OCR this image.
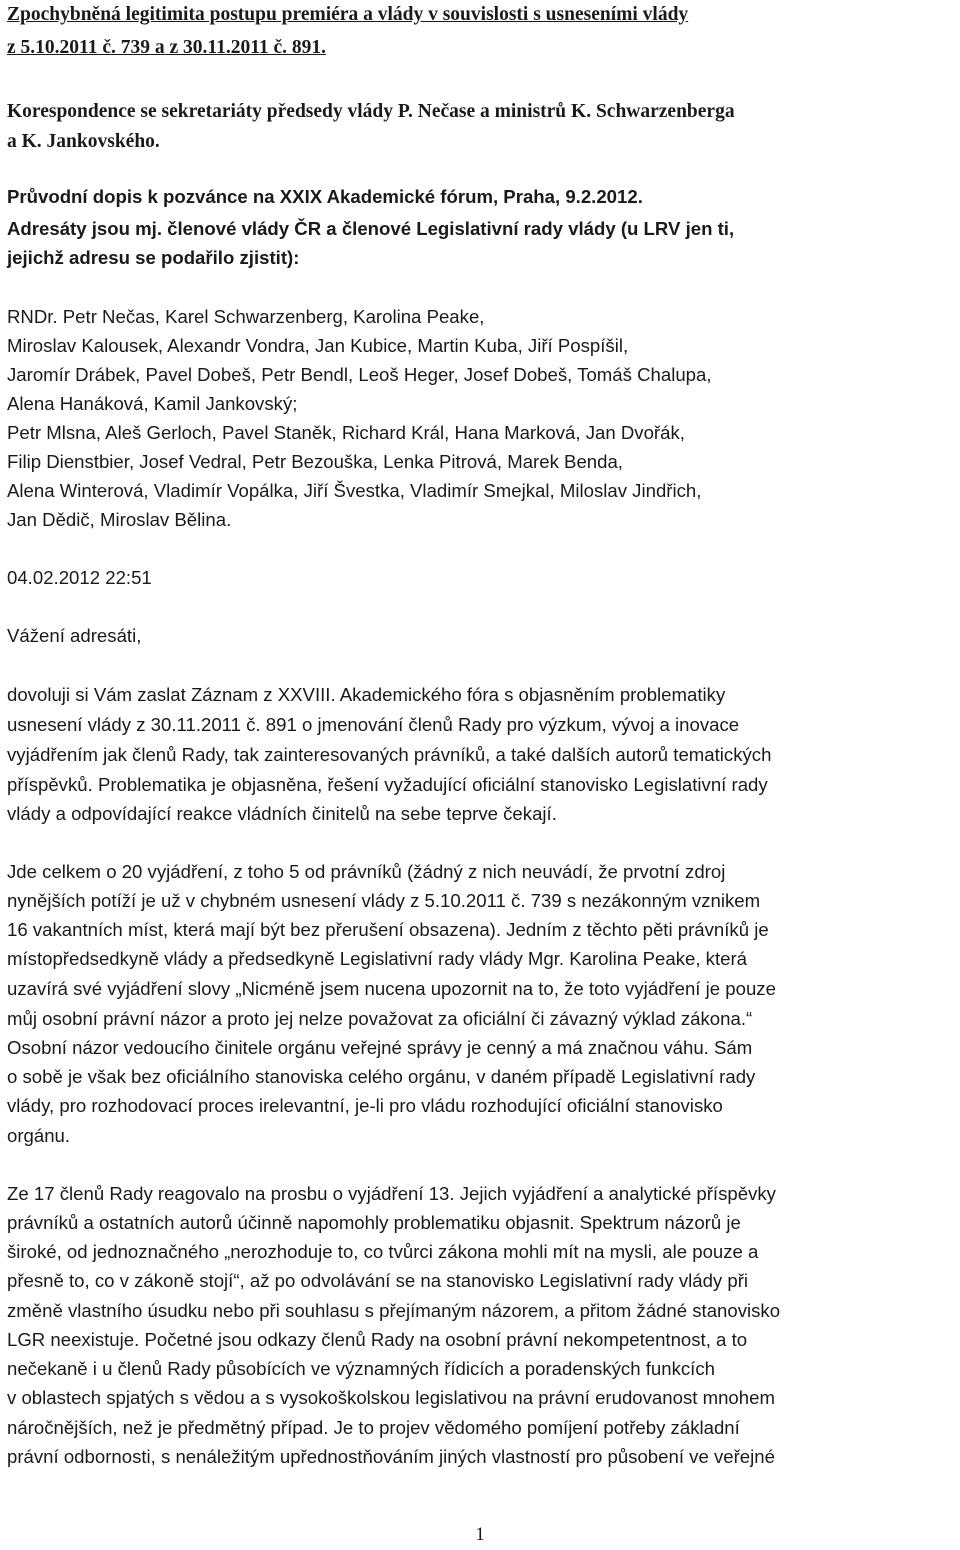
Zpochybněná legitimita postupu premiéra a vlády v souvislosti s usneseními vlády
z 5.10.2011 č. 739 a z 30.11.2011 č. 891.
Korespondence se sekretariáty předsedy vlády P. Nečase a ministrů K. Schwarzenberga
a K. Jankovského.
Průvodní dopis k pozvánce na XXIX Akademické fórum, Praha, 9.2.2012.
Adresáty jsou mj. členové vlády ČR a členové Legislativní rady vlády (u LRV jen ti,
jejichž adresu se podařilo zjistit):
RNDr. Petr Nečas, Karel Schwarzenberg, Karolina Peake,
Miroslav Kalousek, Alexandr Vondra, Jan Kubice, Martin Kuba, Jiří Pospíšil,
Jaromír Drábek, Pavel Dobeš, Petr Bendl, Leoš Heger, Josef Dobeš, Tomáš Chalupa,
Alena Hanáková, Kamil Jankovský;
Petr Mlsna, Aleš Gerloch, Pavel Staněk, Richard Král, Hana Marková, Jan Dvořák,
Filip Dienstbier, Josef Vedral, Petr Bezouška, Lenka Pitrová, Marek Benda,
Alena Winterová, Vladimír Vopálka, Jiří Švestka, Vladimír Smejkal, Miloslav Jindřich,
Jan Dědič, Miroslav Bělina.
04.02.2012 22:51
Vážení adresáti,
dovoluji si Vám zaslat Záznam z XXVIII. Akademického fóra s objasněním problematiky
usnesení vlády z 30.11.2011 č. 891 o jmenování členů Rady pro výzkum, vývoj a inovace
vyjádřením jak členů Rady, tak zainteresovaných právníků, a také dalších autorů tematických
příspěvků. Problematika je objasněna, řešení vyžadující oficiální stanovisko Legislativní rady
vlády a odpovídající reakce vládních činitelů na sebe teprve čekají.
Jde celkem o 20 vyjádření, z toho 5 od právníků (žádný z nich neuvádí, že prvotní zdroj
nynějších potíží je už v chybném usnesení vlády z 5.10.2011 č. 739 s nezákonným vznikem
16 vakantních míst, která mají být bez přerušení obsazena). Jedním z těchto pěti právníků je
místopředsedkyně vlády a předsedkyně Legislativní rady vlády Mgr. Karolina Peake, která
uzavírá své vyjádření slovy „Nicméně jsem nucena upozornit na to, že toto vyjádření je pouze
můj osobní právní názor a proto jej nelze považovat za oficiální či závazný výklad zákona.“
Osobní názor vedoucího činitele orgánu veřejné správy je cenný a má značnou váhu. Sám
o sobě je však bez oficiálního stanoviska celého orgánu, v daném případě Legislativní rady
vlády, pro rozhodovací proces irelevantní, je-li pro vládu rozhodující oficiální stanovisko
orgánu.
Ze 17 členů Rady reagovalo na prosbu o vyjádření 13. Jejich vyjádření a analytické příspěvky
právníků a ostatních autorů účinně napomohly problematiku objasnit. Spektrum názorů je
široké, od jednoznačného „nerozhoduje to, co tvůrci zákona mohli mít na mysli, ale pouze a
přesně to, co v zákoně stojí“, až po odvolávání se na stanovisko Legislativní rady vlády při
změně vlastního úsudku nebo při souhlasu s přejímaným názorem, a přitom žádné stanovisko
LGR neexistuje. Početné jsou odkazy členů Rady na osobní právní nekompetentnost, a to
nečekaně i u členů Rady působících ve významných řídicích a poradenských funkcích
v oblastech spjatých s vědou a s vysokoškolskou legislativou na právní erudovanost mnohem
náročnějších, než je předmětný případ. Je to projev vědomého pomíjení potřeby základní
právní odbornosti, s nenáležitým upřednostňováním jiných vlastností pro působení ve veřejné
1
